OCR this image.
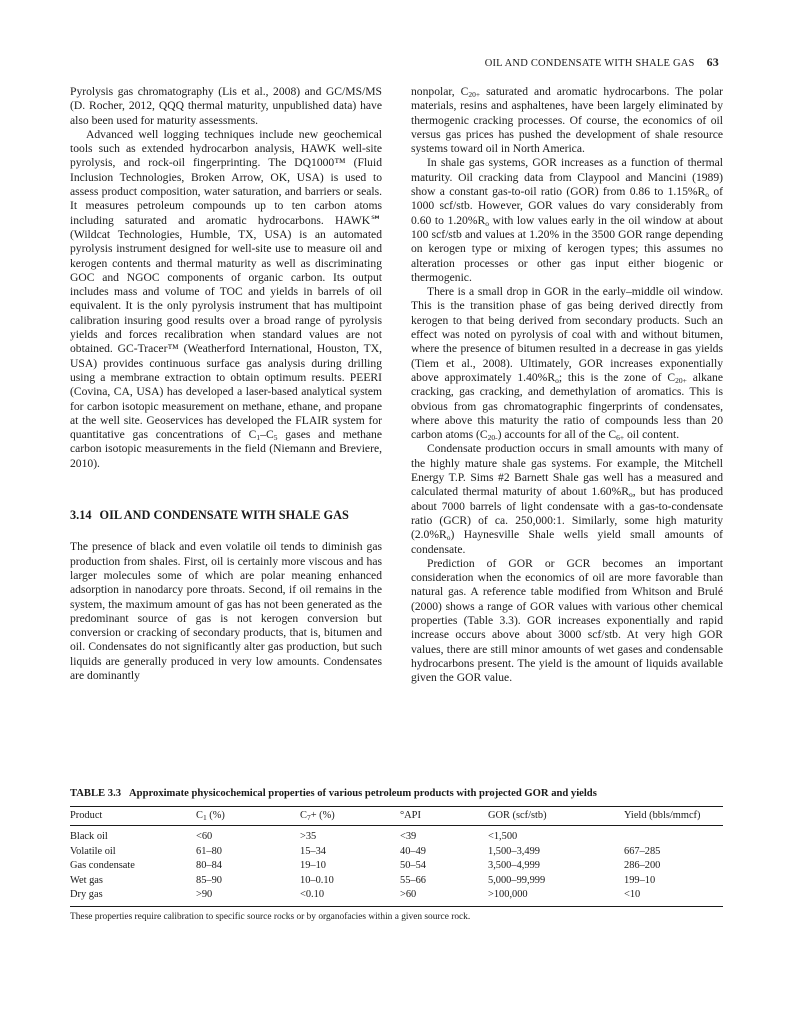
OIL AND CONDENSATE WITH SHALE GAS 63

Pyrolysis gas chromatography (Lis et al., 2008) and GC/MS/MS (D. Rocher, 2012, QQQ thermal maturity, unpublished data) have also been used for maturity assessments.

Advanced well logging techniques include new geochemical tools such as extended hydrocarbon analysis, HAWK well-site pyrolysis, and rock-oil fingerprinting. The DQ1000™ (Fluid Inclusion Technologies, Broken Arrow, OK, USA) is used to assess product composition, water saturation, and barriers or seals. It measures petroleum compounds up to ten carbon atoms including saturated and aromatic hydrocarbons. HAWK℠ (Wildcat Technologies, Humble, TX, USA) is an automated pyrolysis instrument designed for well-site use to measure oil and kerogen contents and thermal maturity as well as discriminating GOC and NGOC components of organic carbon. Its output includes mass and volume of TOC and yields in barrels of oil equivalent. It is the only pyrolysis instrument that has multipoint calibration insuring good results over a broad range of pyrolysis yields and forces recalibration when standard values are not obtained. GC-Tracer™ (Weatherford International, Houston, TX, USA) provides continuous surface gas analysis during drilling using a membrane extraction to obtain optimum results. PEERI (Covina, CA, USA) has developed a laser-based analytical system for carbon isotopic measurement on methane, ethane, and propane at the well site. Geoservices has developed the FLAIR system for quantitative gas concentrations of $C_1-C_5$ gases and methane carbon isotopic measurements in the field (Niemann and Breviere, 2010).

3.14 OIL AND CONDENSATE WITH SHALE GAS

The presence of black and even volatile oil tends to diminish gas production from shales. First, oil is certainly more viscous and has larger molecules some of which are polar meaning enhanced adsorption in nanodarcy pore throats. Second, if oil remains in the system, the maximum amount of gas has not been generated as the predominant source of gas is not kerogen conversion but conversion or cracking of secondary products, that is, bitumen and oil. Condensates do not significantly alter gas production, but such liquids are generally produced in very low amounts. Condensates are dominantly

nonpolar, $C_{20+}$ saturated and aromatic hydrocarbons. The polar materials, resins and asphaltenes, have been largely eliminated by thermogenic cracking processes. Of course, the economics of oil versus gas prices has pushed the development of shale resource systems toward oil in North America.

In shale gas systems, GOR increases as a function of thermal maturity. Oil cracking data from Claypool and Mancini (1989) show a constant gas-to-oil ratio (GOR) from 0.86 to $1.15\%R_o$ of 1000 scf/stb. However, GOR values do vary considerably from 0.60 to $1.20\%R_o$ with low values early in the oil window at about 100 scf/stb and values at 1.20% in the 3500 GOR range depending on kerogen type or mixing of kerogen types; this assumes no alteration processes or other gas input either biogenic or thermogenic.

There is a small drop in GOR in the early–middle oil window. This is the transition phase of gas being derived directly from kerogen to that being derived from secondary products. Such an effect was noted on pyrolysis of coal with and without bitumen, where the presence of bitumen resulted in a decrease in gas yields (Tiem et al., 2008). Ultimately, GOR increases exponentially above approximately $1.40\%R_o$; this is the zone of $C_{20+}$ alkane cracking, gas cracking, and demethylation of aromatics. This is obvious from gas chromatographic fingerprints of condensates, where above this maturity the ratio of compounds less than 20 carbon atoms $(C_{20-})$ accounts for all of the $C_{6+}$ oil content.

Condensate production occurs in small amounts with many of the highly mature shale gas systems. For example, the Mitchell Energy T.P. Sims #2 Barnett Shale gas well has a measured and calculated thermal maturity of about $1.60\%R_o$, but has produced about 7000 barrels of light condensate with a gas-to-condensate ratio (GCR) of ca. 250,000:1. Similarly, some high maturity $(2.0\%R_o)$ Haynesville Shale wells yield small amounts of condensate.

Prediction of GOR or GCR becomes an important consideration when the economics of oil are more favorable than natural gas. A reference table modified from Whitson and Brulé (2000) shows a range of GOR values with various other chemical properties (Table 3.3). GOR increases exponentially and rapid increase occurs above about 3000 scf/stb. At very high GOR values, there are still minor amounts of wet gases and condensable hydrocarbons present. The yield is the amount of liquids available given the GOR value.

TABLE 3.3 Approximate physicochemical properties of various petroleum products with projected GOR and yields
Product	$C_1$ (%)	$C_7+$ (%)	°API	GOR (scf/stb)	Yield (bbls/mmcf)
Black oil	<60	>35	<39	<1,500	
Volatile oil	61–80	15–34	40–49	1,500–3,499	667–285
Gas condensate	80–84	19–10	50–54	3,500–4,999	286–200
Wet gas	85–90	10–0.10	55–66	5,000–99,999	199–10
Dry gas	>90	<0.10	>60	>100,000	<10
These properties require calibration to specific source rocks or by organofacies within a given source rock.
